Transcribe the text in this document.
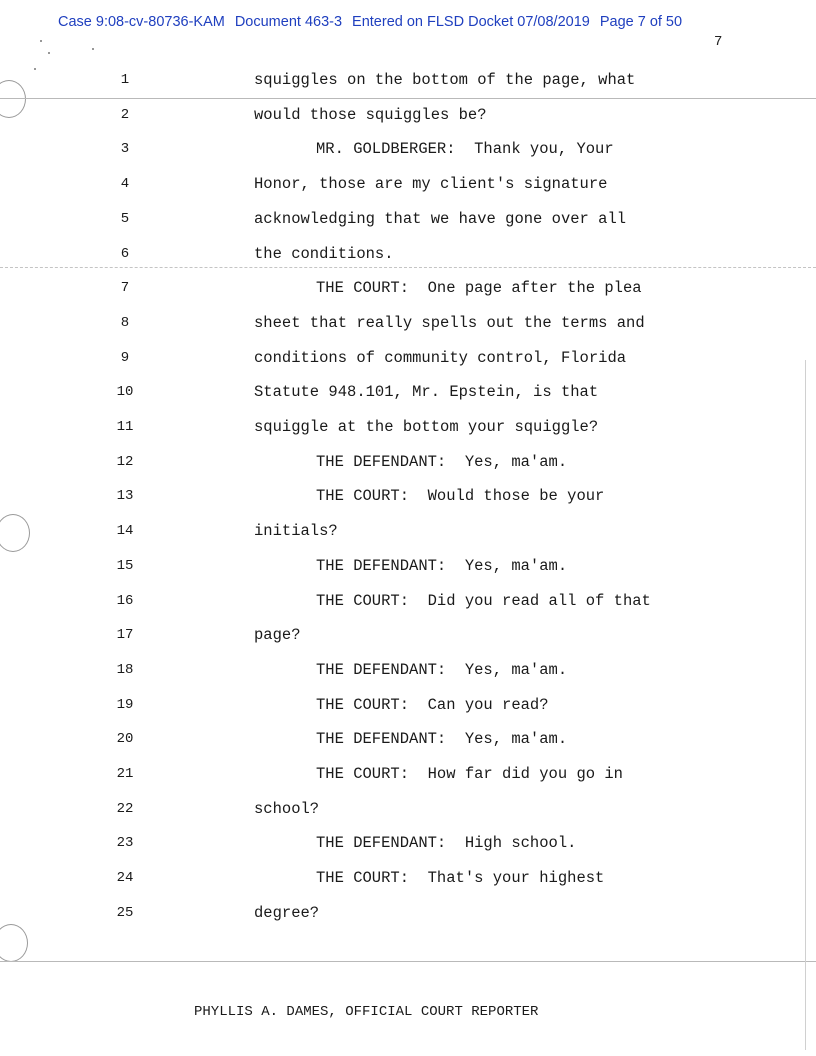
Case 9:08-cv-80736-KAM Document 463-3 Entered on FLSD Docket 07/08/2019 Page 7 of 50
7
1	squiggles on the bottom of the page, what
2	would those squiggles be?
3	MR. GOLDBERGER:  Thank you, Your
4	Honor, those are my client's signature
5	acknowledging that we have gone over all
6	the conditions.
7	THE COURT:  One page after the plea
8	sheet that really spells out the terms and
9	conditions of community control, Florida
10	Statute 948.101, Mr. Epstein, is that
11	squiggle at the bottom your squiggle?
12	THE DEFENDANT:  Yes, ma'am.
13	THE COURT:  Would those be your
14	initials?
15	THE DEFENDANT:  Yes, ma'am.
16	THE COURT:  Did you read all of that
17	page?
18	THE DEFENDANT:  Yes, ma'am.
19	THE COURT:  Can you read?
20	THE DEFENDANT:  Yes, ma'am.
21	THE COURT:  How far did you go in
22	school?
23	THE DEFENDANT:  High school.
24	THE COURT:  That's your highest
25	degree?
PHYLLIS A. DAMES, OFFICIAL COURT REPORTER
